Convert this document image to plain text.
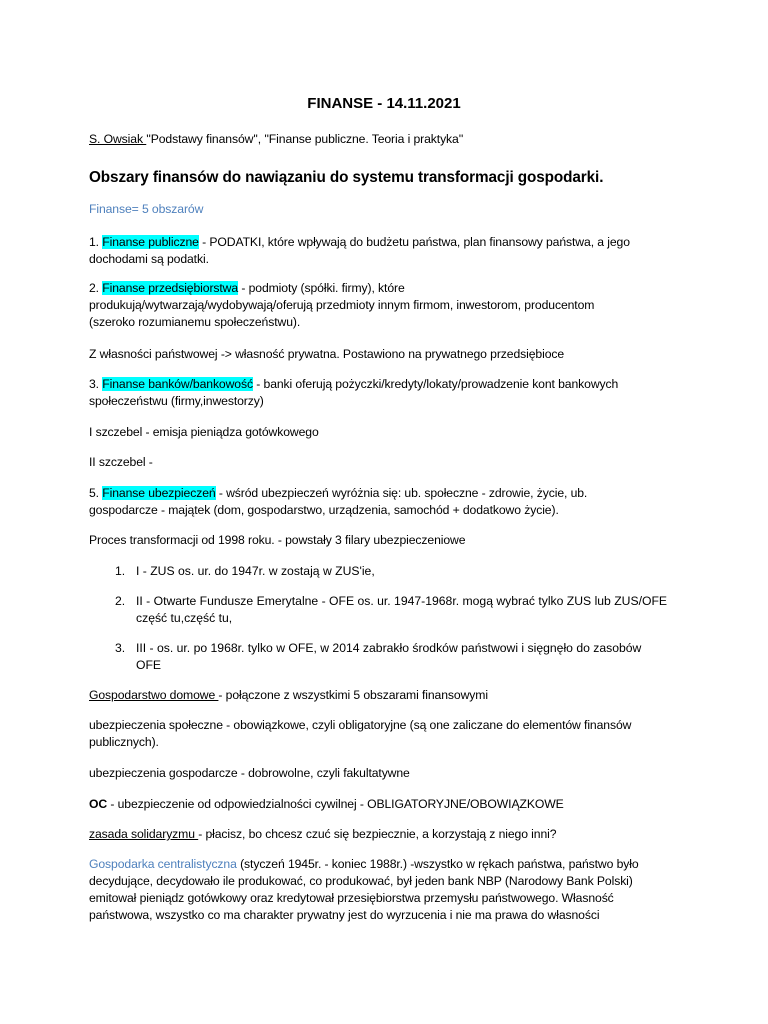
FINANSE - 14.11.2021
S. Owsiak ''Podstawy finansów'', ''Finanse publiczne. Teoria i praktyka''
Obszary finansów do nawiązaniu do systemu transformacji gospodarki.
Finanse= 5 obszarów
1. Finanse publiczne - PODATKI, które wpływają do budżetu państwa, plan finansowy państwa, a jego
dochodami są podatki.
2. Finanse przedsiębiorstwa - podmioty (spółki. firmy), które
produkują/wytwarzają/wydobywają/oferują przedmioty innym firmom, inwestorom, producentom
(szeroko rozumianemu społeczeństwu).
Z własności państwowej -> własność prywatna. Postawiono na prywatnego przedsiębioce
3. Finanse banków/bankowość - banki oferują pożyczki/kredyty/lokaty/prowadzenie kont bankowych
społeczeństwu (firmy,inwestorzy)
I szczebel - emisja pieniądza gotówkowego
II szczebel -
5. Finanse ubezpieczeń - wśród ubezpieczeń wyróżnia się: ub. społeczne - zdrowie, życie, ub.
gospodarcze - majątek (dom, gospodarstwo, urządzenia, samochód + dodatkowo życie).
Proces transformacji od 1998 roku. - powstały 3 filary ubezpieczeniowe
1. I - ZUS os. ur. do 1947r. w zostają w ZUS'ie,
2. II - Otwarte Fundusze Emerytalne - OFE os. ur. 1947-1968r. mogą wybrać tylko ZUS lub ZUS/OFE
część tu,część tu,
3. III - os. ur. po 1968r. tylko w OFE, w 2014 zabrakło środków państwowi i sięgnęło do zasobów
OFE
Gospodarstwo domowe - połączone z wszystkimi 5 obszarami finansowymi
ubezpieczenia społeczne - obowiązkowe, czyli obligatoryjne (są one zaliczane do elementów finansów
publicznych).
ubezpieczenia gospodarcze - dobrowolne, czyli fakultatywne
OC - ubezpieczenie od odpowiedzialności cywilnej - OBLIGATORYJNE/OBOWIĄZKOWE
zasada solidaryzmu - płacisz, bo chcesz czuć się bezpiecznie, a korzystają z niego inni?
Gospodarka centralistyczna (styczeń 1945r. - koniec 1988r.) -wszystko w rękach państwa, państwo było
decydujące, decydowało ile produkować, co produkować, był jeden bank NBP (Narodowy Bank Polski)
emitował pieniądz gotówkowy oraz kredytował przesiębiorstwa przemysłu państwowego. Własność
państwowa, wszystko co ma charakter prywatny jest do wyrzucenia i nie ma prawa do własności
